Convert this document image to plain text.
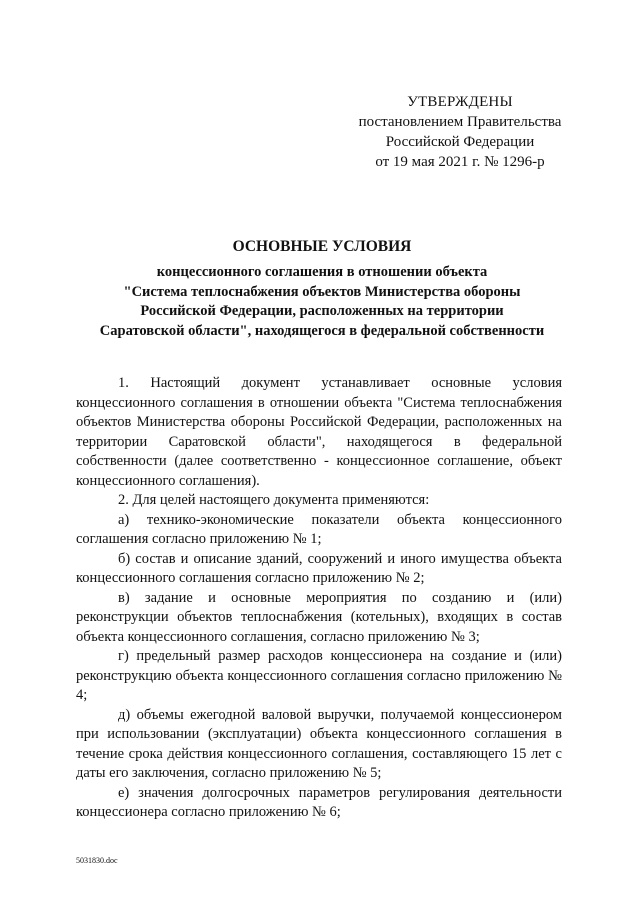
УТВЕРЖДЕНЫ
постановлением Правительства
Российской Федерации
от 19 мая 2021 г. № 1296-р
ОСНОВНЫЕ УСЛОВИЯ
концессионного соглашения в отношении объекта
"Система теплоснабжения объектов Министерства обороны
Российской Федерации, расположенных на территории
Саратовской области", находящегося в федеральной собственности

1. Настоящий документ устанавливает основные условия концессионного соглашения в отношении объекта "Система теплоснабжения объектов Министерства обороны Российской Федерации, расположенных на территории Саратовской области", находящегося в федеральной собственности (далее соответственно - концессионное соглашение, объект концессионного соглашения).

2. Для целей настоящего документа применяются:

а) технико-экономические показатели объекта концессионного соглашения согласно приложению № 1;

б) состав и описание зданий, сооружений и иного имущества объекта концессионного соглашения согласно приложению № 2;

в) задание и основные мероприятия по созданию и (или) реконструкции объектов теплоснабжения (котельных), входящих в состав объекта концессионного соглашения, согласно приложению № 3;

г) предельный размер расходов концессионера на создание и (или) реконструкцию объекта концессионного соглашения согласно приложению № 4;

д) объемы ежегодной валовой выручки, получаемой концессионером при использовании (эксплуатации) объекта концессионного соглашения в течение срока действия концессионного соглашения, составляющего 15 лет с даты его заключения, согласно приложению № 5;

е) значения долгосрочных параметров регулирования деятельности концессионера согласно приложению № 6;

5031830.doc
